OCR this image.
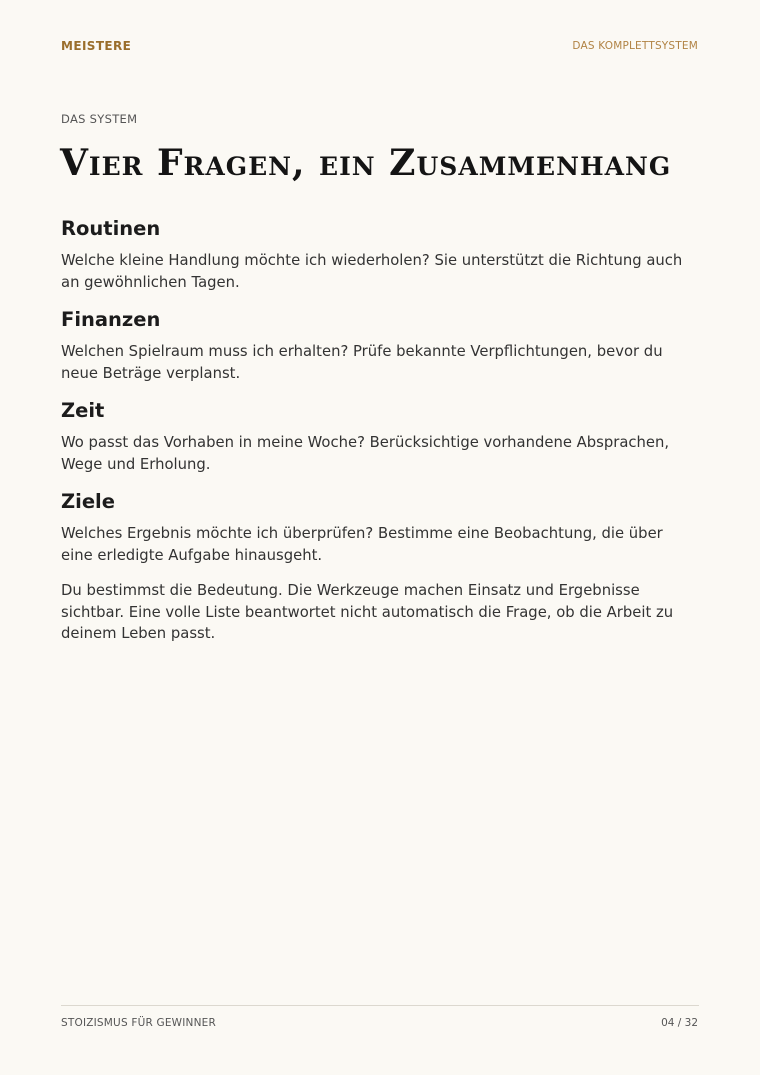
MEISTERE	DAS KOMPLETTSYSTEM
DAS SYSTEM
Vier Fragen, ein Zusammenhang
Routinen

Welche kleine Handlung möchte ich wiederholen? Sie unterstützt die Richtung auch an gewöhnlichen Tagen.

Finanzen

Welchen Spielraum muss ich erhalten? Prüfe bekannte Verpflichtungen, bevor du neue Beträge verplanst.

Zeit

Wo passt das Vorhaben in meine Woche? Berücksichtige vorhandene Absprachen, Wege und Erholung.

Ziele

Welches Ergebnis möchte ich überprüfen? Bestimme eine Beobachtung, die über eine erledigte Aufgabe hinausgeht.

Du bestimmst die Bedeutung. Die Werkzeuge machen Einsatz und Ergebnisse sichtbar. Eine volle Liste beantwortet nicht automatisch die Frage, ob die Arbeit zu deinem Leben passt.

STOIZISMUS FÜR GEWINNER	04 / 32
